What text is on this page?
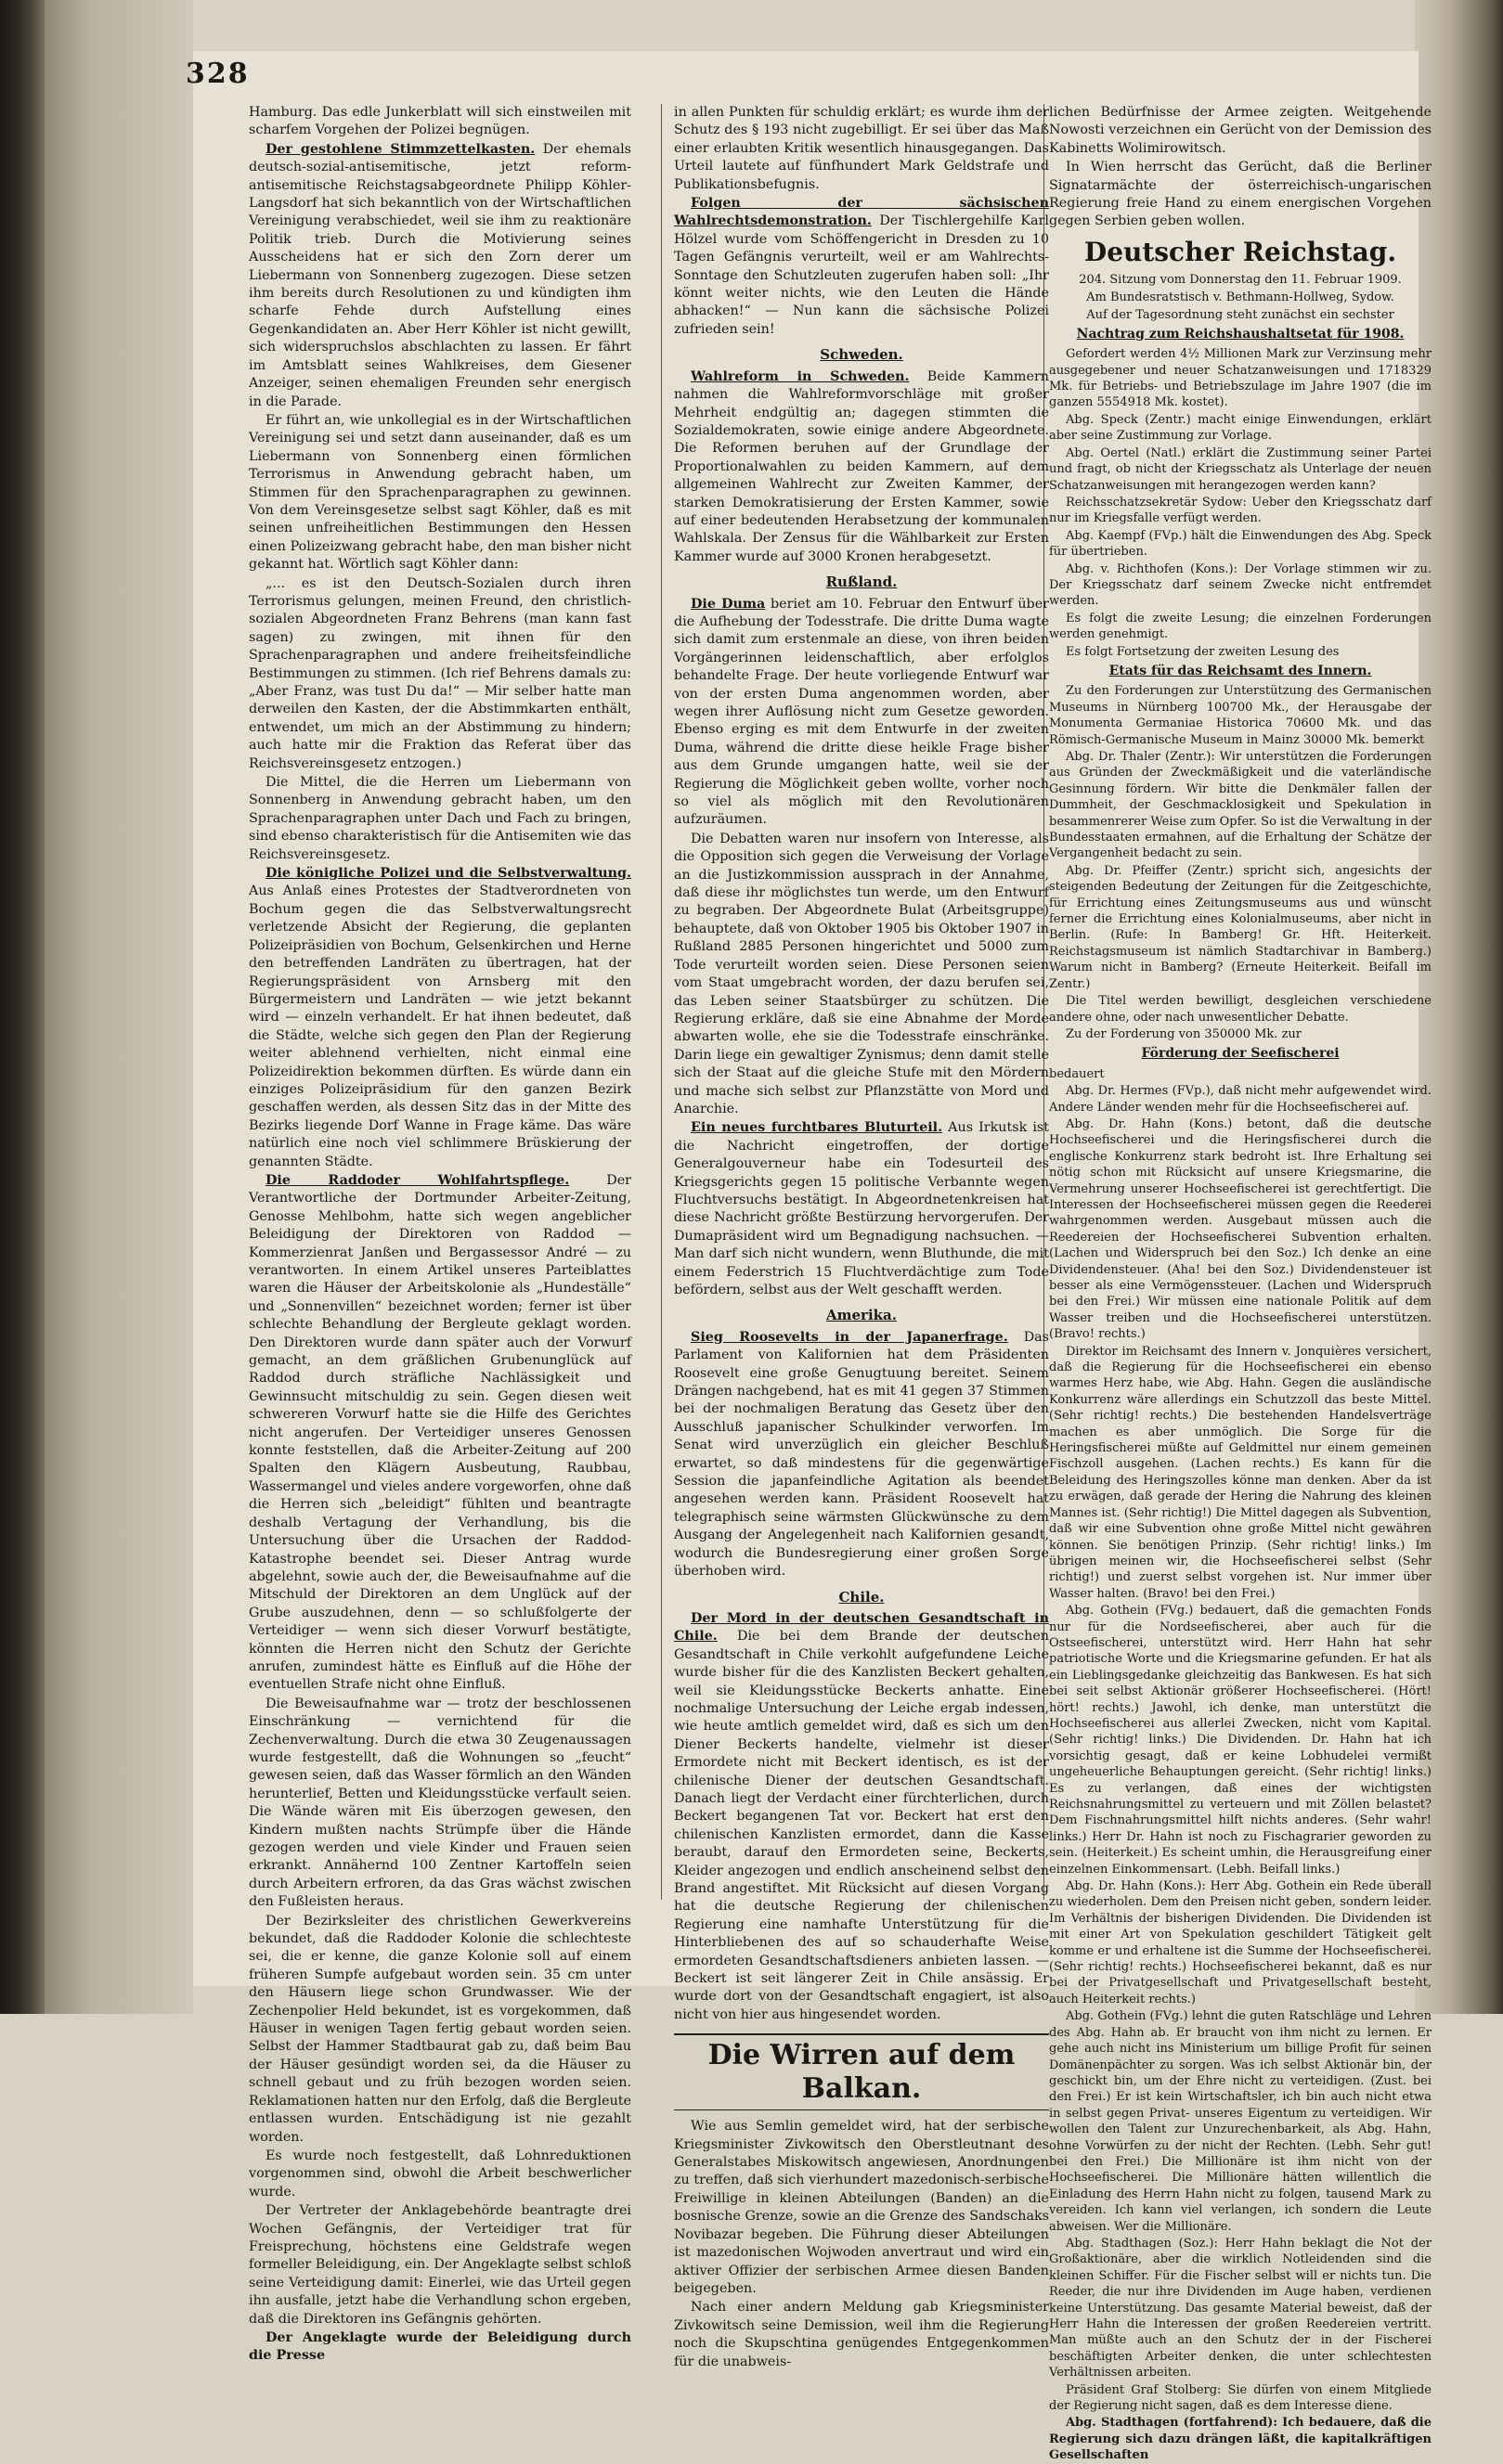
328

Hamburg. Das edle Junkerblatt will sich einstweilen mit scharfem Vorgehen der Polizei begnügen.

Der gestohlene Stimmzettelkasten. Der ehemals deutsch-sozial-antisemitische, jetzt reform-antisemitische Reichstagsabgeordnete Philipp Köhler-Langsdorf hat sich bekanntlich von der Wirtschaftlichen Vereinigung verabschiedet, weil sie ihm zu reaktionäre Politik trieb. Durch die Motivierung seines Ausscheidens hat er sich den Zorn derer um Liebermann von Sonnenberg zugezogen. Diese setzen ihm bereits durch Resolutionen zu und kündigten ihm scharfe Fehde durch Aufstellung eines Gegenkandidaten an. Aber Herr Köhler ist nicht gewillt, sich widerspruchslos abschlachten zu lassen. Er fährt im Amtsblatt seines Wahlkreises, dem Giesener Anzeiger, seinen ehemaligen Freunden sehr energisch in die Parade.

Er führt an, wie unkollegial es in der Wirtschaftlichen Vereinigung sei und setzt dann auseinander, daß es um Liebermann von Sonnenberg einen förmlichen Terrorismus in Anwendung gebracht haben, um Stimmen für den Sprachenparagraphen zu gewinnen. Von dem Vereinsgesetze selbst sagt Köhler, daß es mit seinen unfreiheitlichen Bestimmungen den Hessen einen Polizeizwang gebracht habe, den man bisher nicht gekannt hat. Wörtlich sagt Köhler dann:

„... es ist den Deutsch-Sozialen durch ihren Terrorismus gelungen, meinen Freund, den christlich-sozialen Abgeordneten Franz Behrens (man kann fast sagen) zu zwingen, mit ihnen für den Sprachenparagraphen und andere freiheitsfeindliche Bestimmungen zu stimmen. (Ich rief Behrens damals zu: „Aber Franz, was tust Du da!“ — Mir selber hatte man derweilen den Kasten, der die Abstimmkarten enthält, entwendet, um mich an der Abstimmung zu hindern; auch hatte mir die Fraktion das Referat über das Reichsvereinsgesetz entzogen.)

Die Mittel, die die Herren um Liebermann von Sonnenberg in Anwendung gebracht haben, um den Sprachenparagraphen unter Dach und Fach zu bringen, sind ebenso charakteristisch für die Antisemiten wie das Reichsvereinsgesetz.

Die königliche Polizei und die Selbstverwaltung. Aus Anlaß eines Protestes der Stadtverordneten von Bochum gegen die das Selbstverwaltungsrecht verletzende Absicht der Regierung, die geplanten Polizeipräsidien von Bochum, Gelsenkirchen und Herne den betreffenden Landräten zu übertragen, hat der Regierungspräsident von Arnsberg mit den Bürgermeistern und Landräten — wie jetzt bekannt wird — einzeln verhandelt. Er hat ihnen bedeutet, daß die Städte, welche sich gegen den Plan der Regierung weiter ablehnend verhielten, nicht einmal eine Polizeidirektion bekommen dürften. Es würde dann ein einziges Polizeipräsidium für den ganzen Bezirk geschaffen werden, als dessen Sitz das in der Mitte des Bezirks liegende Dorf Wanne in Frage käme. Das wäre natürlich eine noch viel schlimmere Brüskierung der genannten Städte.

Die Raddoder Wohlfahrtspflege.	Der Verantwortliche der Dortmunder Arbeiter-Zeitung, Genosse Mehlbohm, hatte sich wegen angeblicher Beleidigung der Direktoren von Raddod — Kommerzienrat Janßen und Bergassessor André — zu verantworten. In einem Artikel unseres Parteiblattes waren die Häuser der Arbeitskolonie als „Hundeställe“ und „Sonnenvillen“ bezeichnet worden; ferner ist über schlechte Behandlung der Bergleute geklagt worden. Den Direktoren wurde dann später auch der Vorwurf gemacht, an dem gräßlichen Grubenunglück auf Raddod durch sträfliche Nachlässigkeit und Gewinnsucht mitschuldig zu sein. Gegen diesen weit schwereren Vorwurf hatte sie die Hilfe des Gerichtes nicht angerufen. Der Verteidiger unseres Genossen konnte feststellen, daß die Arbeiter-Zeitung auf 200 Spalten den Klägern Ausbeutung, Raubbau, Wassermangel und vieles andere vorgeworfen, ohne daß die Herren sich „beleidigt“ fühlten und beantragte deshalb Vertagung der Verhandlung, bis die Untersuchung über die Ursachen der Raddod-Katastrophe beendet sei. Dieser Antrag wurde abgelehnt, sowie auch der, die Beweisaufnahme auf die Mitschuld der Direktoren an dem Unglück auf der Grube auszudehnen, denn — so schlußfolgerte der Verteidiger — wenn sich dieser Vorwurf bestätigte, könnten die Herren nicht den Schutz der Gerichte anrufen, zumindest hätte es Einfluß auf die Höhe der eventuellen Strafe nicht ohne Einfluß.

Die Beweisaufnahme war — trotz der beschlossenen Einschränkung — vernichtend für die Zechenverwaltung. Durch die etwa 30 Zeugenaussagen wurde festgestellt, daß die Wohnungen so „feucht“ gewesen seien, daß das Wasser förmlich an den Wänden herunterlief, Betten und Kleidungsstücke verfault seien. Die Wände wären mit Eis überzogen gewesen, den Kindern mußten nachts Strümpfe über die Hände gezogen werden und viele Kinder und Frauen seien erkrankt. Annähernd 100 Zentner Kartoffeln seien durch Arbeitern erfroren, da das Gras wächst zwischen den Fußleisten heraus.

Der Bezirksleiter des christlichen Gewerkvereins bekundet, daß die Raddoder Kolonie die schlechteste sei, die er kenne, die ganze Kolonie soll auf einem früheren Sumpfe aufgebaut worden sein. 35 cm unter den Häusern liege schon Grundwasser. Wie der Zechenpolier Held bekundet, ist es vorgekommen, daß Häuser in wenigen Tagen fertig gebaut worden seien. Selbst der Hammer Stadtbaurat gab zu, daß beim Bau der Häuser gesündigt worden sei, da die Häuser zu schnell gebaut und zu früh bezogen worden seien. Reklamationen hatten nur den Erfolg, daß die Bergleute entlassen wurden. Entschädigung ist nie gezahlt worden.

Es wurde noch festgestellt, daß Lohnreduktionen vorgenommen sind, obwohl die Arbeit beschwerlicher wurde.

Der Vertreter der Anklagebehörde beantragte drei Wochen Gefängnis, der Verteidiger trat für Freisprechung, höchstens eine Geldstrafe wegen formeller Beleidigung, ein. Der Angeklagte selbst schloß seine Verteidigung damit: Einerlei, wie das Urteil gegen ihn ausfalle, jetzt habe die Verhandlung schon ergeben, daß die Direktoren ins Gefängnis gehörten.

Der Angeklagte wurde der Beleidigung durch die Presse

in allen Punkten für schuldig erklärt; es wurde ihm der Schutz des § 193 nicht zugebilligt. Er sei über das Maß einer erlaubten Kritik wesentlich hinausgegangen. Das Urteil lautete auf fünfhundert Mark Geldstrafe und Publikationsbefugnis.

Folgen der sächsischen Wahlrechtsdemonstration. Der Tischlergehilfe Karl Hölzel wurde vom Schöffengericht in Dresden zu 10 Tagen Gefängnis verurteilt, weil er am Wahlrechts-Sonntage den Schutzleuten zugerufen haben soll: „Ihr könnt weiter nichts, wie den Leuten die Hände abhacken!“ — Nun kann die sächsische Polizei zufrieden sein!

Schweden.

Wahlreform in Schweden. Beide Kammern nahmen die Wahlreformvorschläge mit großer Mehrheit endgültig an; dagegen stimmten die Sozialdemokraten, sowie einige andere Abgeordnete. Die Reformen beruhen auf der Grundlage der Proportionalwahlen zu beiden Kammern, auf dem allgemeinen Wahlrecht zur Zweiten Kammer, der starken Demokratisierung der Ersten Kammer, sowie auf einer bedeutenden Herabsetzung der kommunalen Wahlskala. Der Zensus für die Wählbarkeit zur Ersten Kammer wurde auf 3000 Kronen herabgesetzt.

Rußland.

Die Duma beriet am 10. Februar den Entwurf über die Aufhebung der Todesstrafe. Die dritte Duma wagte sich damit zum erstenmale an diese, von ihren beiden Vorgängerinnen leidenschaftlich, aber erfolglos behandelte Frage. Der heute vorliegende Entwurf war von der ersten Duma angenommen worden, aber wegen ihrer Auflösung nicht zum Gesetze geworden. Ebenso erging es mit dem Entwurfe in der zweiten Duma, während die dritte diese heikle Frage bisher aus dem Grunde umgangen hatte, weil sie der Regierung die Möglichkeit geben wollte, vorher noch so viel als möglich mit den Revolutionären aufzuräumen.

Die Debatten waren nur insofern von Interesse, als die Opposition sich gegen die Verweisung der Vorlage an die Justizkommission aussprach in der Annahme, daß diese ihr möglichstes tun werde, um den Entwurf zu begraben. Der Abgeordnete Bulat (Arbeitsgruppe) behauptete, daß von Oktober 1905 bis Oktober 1907 in Rußland 2885 Personen hingerichtet und 5000 zum Tode verurteilt worden seien. Diese Personen seien vom Staat umgebracht worden, der dazu berufen sei, das Leben seiner Staatsbürger zu schützen. Die Regierung erkläre, daß sie eine Abnahme der Morde abwarten wolle, ehe sie die Todesstrafe einschränke. Darin liege ein gewaltiger Zynismus; denn damit stelle sich der Staat auf die gleiche Stufe mit den Mördern und mache sich selbst zur Pflanzstätte von Mord und Anarchie.

Ein neues furchtbares Bluturteil. Aus Irkutsk ist die Nachricht eingetroffen, der dortige Generalgouverneur habe ein Todesurteil des Kriegsgerichts gegen 15 politische Verbannte wegen Fluchtversuchs bestätigt. In Abgeordnetenkreisen hat diese Nachricht größte Bestürzung hervorgerufen. Der Dumapräsident wird um Begnadigung nachsuchen. — Man darf sich nicht wundern, wenn Bluthunde, die mit einem Federstrich 15 Fluchtverdächtige zum Tode befördern, selbst aus der Welt geschafft werden.

Amerika.

Sieg Roosevelts in der Japanerfrage. Das Parlament von Kalifornien hat dem Präsidenten Roosevelt eine große Genugtuung bereitet. Seinem Drängen nachgebend, hat es mit 41 gegen 37 Stimmen bei der nochmaligen Beratung das Gesetz über den Ausschluß japanischer Schulkinder verworfen. Im Senat wird unverzüglich ein gleicher Beschluß erwartet, so daß mindestens für die gegenwärtige Session die japanfeindliche Agitation als beendet angesehen werden kann. Präsident Roosevelt hat telegraphisch seine wärmsten Glückwünsche zu dem Ausgang der Angelegenheit nach Kalifornien gesandt, wodurch die Bundesregierung einer großen Sorge überhoben wird.

Chile.

Der Mord in der deutschen Gesandtschaft in Chile. Die bei dem Brande der deutschen Gesandtschaft in Chile verkohlt aufgefundene Leiche wurde bisher für die des Kanzlisten Beckert gehalten, weil sie Kleidungsstücke Beckerts anhatte. Eine nochmalige Untersuchung der Leiche ergab indessen, wie heute amtlich gemeldet wird, daß es sich um den Diener Beckerts handelte, vielmehr ist dieser Ermordete nicht mit Beckert identisch, es ist der chilenische Diener der deutschen Gesandtschaft. Danach liegt der Verdacht einer fürchterlichen, durch Beckert begangenen Tat vor. Beckert hat erst den chilenischen Kanzlisten ermordet, dann die Kasse beraubt, darauf den Ermordeten seine, Beckerts, Kleider angezogen und endlich anscheinend selbst den Brand angestiftet. Mit Rücksicht auf diesen Vorgang hat die deutsche Regierung der chilenischen Regierung eine namhafte Unterstützung für die Hinterbliebenen des auf so schauderhafte Weise ermordeten Gesandtschaftsdieners anbieten lassen. — Beckert ist seit längerer Zeit in Chile ansässig. Er wurde dort von der Gesandtschaft engagiert, ist also nicht von hier aus hingesendet worden.

Die Wirren auf dem Balkan.

Wie aus Semlin gemeldet wird, hat der serbische Kriegsminister Zivkowitsch den Oberstleutnant des Generalstabes Miskowitsch angewiesen, Anordnungen zu treffen, daß sich vierhundert mazedonisch-serbische Freiwillige in kleinen Abteilungen (Banden) an die bosnische Grenze, sowie an die Grenze des Sandschaks Novibazar begeben. Die Führung dieser Abteilungen ist mazedonischen Wojwoden anvertraut und wird ein aktiver Offizier der serbischen Armee diesen Banden beigegeben.

Nach einer andern Meldung gab Kriegsminister Zivkowitsch seine Demission, weil ihm die Regierung noch die Skupschtina genügendes Entgegenkommen für die unabweis-

lichen Bedürfnisse der Armee zeigten. Weitgehende Nowosti verzeichnen ein Gerücht von der Demission des Kabinetts Wolimirowitsch.

In Wien herrscht das Gerücht, daß die Berliner Signatarmächte der österreichisch-ungarischen Regierung freie Hand zu einem energischen Vorgehen gegen Serbien geben wollen.

Deutscher Reichstag.
204. Sitzung vom Donnerstag den 11. Februar 1909.
Am Bundesratstisch v. Bethmann-Hollweg, Sydow.
Auf der Tagesordnung steht zunächst ein sechster
Nachtrag zum Reichshaushaltsetat für 1908.

Gefordert werden 4½ Millionen Mark zur Verzinsung mehr ausgegebener und neuer Schatzanweisungen und 1718329 Mk. für Betriebs- und Betriebszulage im Jahre 1907 (die im ganzen 5554918 Mk. kostet).

Abg. Speck (Zentr.) macht einige Einwendungen, erklärt aber seine Zustimmung zur Vorlage.

Abg. Oertel (Natl.) erklärt die Zustimmung seiner Partei und fragt, ob nicht der Kriegsschatz als Unterlage der neuen Schatzanweisungen mit herangezogen werden kann?

Reichsschatzsekretär Sydow: Ueber den Kriegsschatz darf nur im Kriegsfalle verfügt werden.

Abg. Kaempf (FVp.) hält die Einwendungen des Abg. Speck für übertrieben.

Abg. v. Richthofen (Kons.): Der Vorlage stimmen wir zu. Der Kriegsschatz darf seinem Zwecke nicht entfremdet werden.

Es folgt die zweite Lesung; die einzelnen Forderungen werden genehmigt.

Es folgt Fortsetzung der zweiten Lesung des

Etats für das Reichsamt des Innern.

Zu den Forderungen zur Unterstützung des Germanischen Museums in Nürnberg 100700 Mk., der Herausgabe der Monumenta Germaniae Historica 70600 Mk. und das Römisch-Germanische Museum in Mainz 30000 Mk. bemerkt

Abg. Dr. Thaler (Zentr.): Wir unterstützen die Forderungen aus Gründen der Zweckmäßigkeit und die vaterländische Gesinnung fördern. Wir bitte die Denkmäler fallen der Dummheit, der Geschmacklosigkeit und Spekulation in besammenrerer Weise zum Opfer. So ist die Verwaltung in der Bundesstaaten ermahnen, auf die Erhaltung der Schätze der Vergangenheit bedacht zu sein.

Abg. Dr. Pfeiffer (Zentr.) spricht sich, angesichts der steigenden Bedeutung der Zeitungen für die Zeitgeschichte, für Errichtung eines Zeitungsmuseums aus und wünscht ferner die Errichtung eines Kolonialmuseums, aber nicht in Berlin. (Rufe: In Bamberg! Gr. Hft. Heiterkeit. Reichstagsmuseum ist nämlich Stadtarchivar in Bamberg.) Warum nicht in Bamberg? (Erneute Heiterkeit. Beifall im Zentr.)

Die Titel werden bewilligt, desgleichen verschiedene andere ohne, oder nach unwesentlicher Debatte.

Zu der Forderung von 350000 Mk. zur

Förderung der Seefischerei

bedauert

Abg. Dr. Hermes (FVp.), daß nicht mehr aufgewendet wird. Andere Länder wenden mehr für die Hochseefischerei auf.

Abg. Dr. Hahn (Kons.) betont, daß die deutsche Hochseefischerei und die Heringsfischerei durch die englische Konkurrenz stark bedroht ist. Ihre Erhaltung sei nötig schon mit Rücksicht auf unsere Kriegsmarine, die Vermehrung unserer Hochseefischerei ist gerechtfertigt. Die Interessen der Hochseefischerei müssen gegen die Reederei wahrgenommen werden. Ausgebaut müssen auch die Reedereien der Hochseefischerei Subvention erhalten. (Lachen und Widerspruch bei den Soz.) Ich denke an eine Dividendensteuer. (Aha! bei den Soz.) Dividendensteuer ist besser als eine Vermögenssteuer. (Lachen und Widerspruch bei den Frei.) Wir müssen eine nationale Politik auf dem Wasser treiben und die Hochseefischerei unterstützen. (Bravo! rechts.)

Direktor im Reichsamt des Innern v. Jonquières versichert, daß die Regierung für die Hochseefischerei ein ebenso warmes Herz habe, wie Abg. Hahn. Gegen die ausländische Konkurrenz wäre allerdings ein Schutzzoll das beste Mittel. (Sehr richtig! rechts.) Die bestehenden Handelsverträge machen es aber unmöglich. Die Sorge für die Heringsfischerei müßte auf Geldmittel nur einem gemeinen Fischzoll ausgehen. (Lachen rechts.) Es kann für die Beleidung des Heringszolles könne man denken. Aber da ist zu erwägen, daß gerade der Hering die Nahrung des kleinen Mannes ist. (Sehr richtig!) Die Mittel dagegen als Subvention, daß wir eine Subvention ohne große Mittel nicht gewähren können. Sie benötigen Prinzip. (Sehr richtig! links.) Im übrigen meinen wir, die Hochseefischerei selbst (Sehr richtig!) und zuerst selbst vorgehen ist. Nur immer über Wasser halten. (Bravo! bei den Frei.)

Abg. Gothein (FVg.) bedauert, daß die gemachten Fonds nur für die Nordseefischerei, aber auch für die Ostseefischerei, unterstützt wird. Herr Hahn hat sehr patriotische Worte und die Kriegsmarine gefunden. Er hat als ein Lieblingsgedanke gleichzeitig das Bankwesen. Es hat sich bei seit selbst Aktionär größerer Hochseefischerei. (Hört! hört! rechts.) Jawohl, ich denke, man unterstützt die Hochseefischerei aus allerlei Zwecken, nicht vom Kapital. (Sehr richtig! links.) Die Dividenden. Dr. Hahn hat ich vorsichtig gesagt, daß er keine Lobhudelei vermißt ungeheuerliche Behauptungen gereicht. (Sehr richtig! links.) Es zu verlangen, daß eines der wichtigsten Reichsnahrungsmittel zu verteuern und mit Zöllen belastet? Dem Fischnahrungsmittel hilft nichts anderes. (Sehr wahr! links.) Herr Dr. Hahn ist noch zu Fischagrarier geworden zu sein. (Heiterkeit.) Es scheint umhin, die Herausgreifung einer einzelnen Einkommensart. (Lebh. Beifall links.)

Abg. Dr. Hahn (Kons.): Herr Abg. Gothein ein Rede überall zu wiederholen. Dem den Preisen nicht geben, sondern leider. Im Verhältnis der bisherigen Dividenden. Die Dividenden ist mit einer Art von Spekulation geschildert Tätigkeit gelt komme er und erhaltene ist die Summe der Hochseefischerei. (Sehr richtig! rechts.) Hochseefischerei bekannt, daß es nur bei der Privatgesellschaft und Privatgesellschaft besteht, auch Heiterkeit rechts.)

Abg. Gothein (FVg.) lehnt die guten Ratschläge und Lehren des Abg. Hahn ab. Er braucht von ihm nicht zu lernen. Er gehe auch nicht ins Ministerium um billige Profit für seinen Domänenpächter zu sorgen. Was ich selbst Aktionär bin, der geschickt bin, um der Ehre nicht zu verteidigen. (Zust. bei den Frei.) Er ist kein Wirtschaftsler, ich bin auch nicht etwa in selbst gegen Privat- unseres Eigentum zu verteidigen. Wir wollen den Talent zur Unzurechenbarkeit, als Abg. Hahn, ohne Vorwürfen zu der nicht der Rechten. (Lebh. Sehr gut! bei den Frei.) Die Millionäre ist ihm nicht von der Hochseefischerei. Die Millionäre hätten willentlich die Einladung des Herrn Hahn nicht zu folgen, tausend Mark zu vereiden. Ich kann viel verlangen, ich sondern die Leute abweisen. Wer die Millionäre.

Abg. Stadthagen (Soz.): Herr Hahn beklagt die Not der Großaktionäre, aber die wirklich Notleidenden sind die kleinen Schiffer. Für die Fischer selbst will er nichts tun. Die Reeder, die nur ihre Dividenden im Auge haben, verdienen keine Unterstützung. Das gesamte Material beweist, daß der Herr Hahn die Interessen der großen Reedereien vertritt. Man müßte auch an den Schutz der in der Fischerei beschäftigten Arbeiter denken, die unter schlechtesten Verhältnissen arbeiten.

Präsident Graf Stolberg: Sie dürfen von einem Mitgliede der Regierung nicht sagen, daß es dem Interesse diene.

Abg. Stadthagen (fortfahrend): Ich bedauere, daß die Regierung sich dazu drängen läßt, die kapitalkräftigen Gesellschaften
